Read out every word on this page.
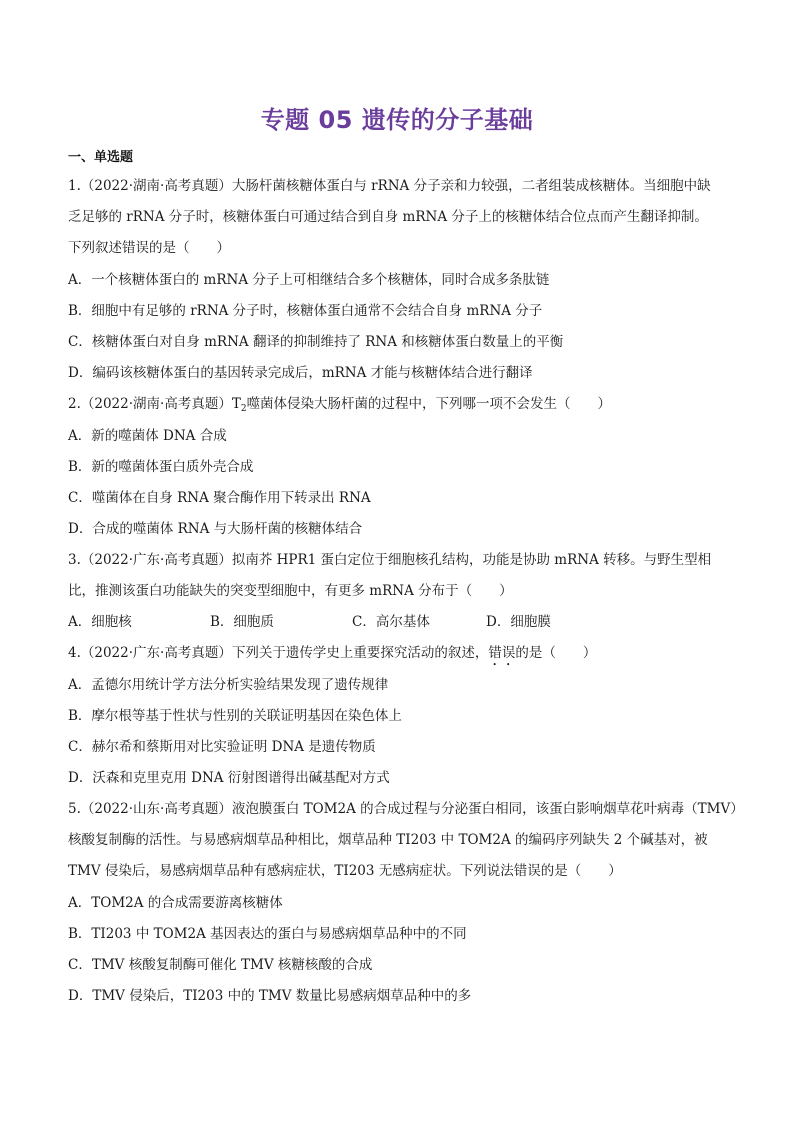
专题 05 遗传的分子基础
一、单选题
1.（2022·湖南·高考真题）大肠杆菌核糖体蛋白与 rRNA 分子亲和力较强，二者组装成核糖体。当细胞中缺
乏足够的 rRNA 分子时，核糖体蛋白可通过结合到自身 mRNA 分子上的核糖体结合位点而产生翻译抑制。
下列叙述错误的是（　　）
A．一个核糖体蛋白的 mRNA 分子上可相继结合多个核糖体，同时合成多条肽链
B．细胞中有足够的 rRNA 分子时，核糖体蛋白通常不会结合自身 mRNA 分子
C．核糖体蛋白对自身 mRNA 翻译的抑制维持了 RNA 和核糖体蛋白数量上的平衡
D．编码该核糖体蛋白的基因转录完成后，mRNA 才能与核糖体结合进行翻译
2.（2022·湖南·高考真题）$T_2$噬菌体侵染大肠杆菌的过程中，下列哪一项不会发生（　　）
A．新的噬菌体 DNA 合成
B．新的噬菌体蛋白质外壳合成
C．噬菌体在自身 RNA 聚合酶作用下转录出 RNA
D．合成的噬菌体 RNA 与大肠杆菌的核糖体结合
3.（2022·广东·高考真题）拟南芥 HPR1 蛋白定位于细胞核孔结构，功能是协助 mRNA 转移。与野生型相
比，推测该蛋白功能缺失的突变型细胞中，有更多 mRNA 分布于（　　）
A．细胞核	B．细胞质	C．高尔基体	D．细胞膜
4.（2022·广东·高考真题）下列关于遗传学史上重要探究活动的叙述，错误的是（　　）
A．孟德尔用统计学方法分析实验结果发现了遗传规律
B．摩尔根等基于性状与性别的关联证明基因在染色体上
C．赫尔希和蔡斯用对比实验证明 DNA 是遗传物质
D．沃森和克里克用 DNA 衍射图谱得出碱基配对方式
5.（2022·山东·高考真题）液泡膜蛋白 TOM2A 的合成过程与分泌蛋白相同，该蛋白影响烟草花叶病毒（TMV）
核酸复制酶的活性。与易感病烟草品种相比，烟草品种 TI203 中 TOM2A 的编码序列缺失 2 个碱基对，被
TMV 侵染后，易感病烟草品种有感病症状，TI203 无感病症状。下列说法错误的是（　　）
A．TOM2A 的合成需要游离核糖体
B．TI203 中 TOM2A 基因表达的蛋白与易感病烟草品种中的不同
C．TMV 核酸复制酶可催化 TMV 核糖核酸的合成
D．TMV 侵染后，TI203 中的 TMV 数量比易感病烟草品种中的多
